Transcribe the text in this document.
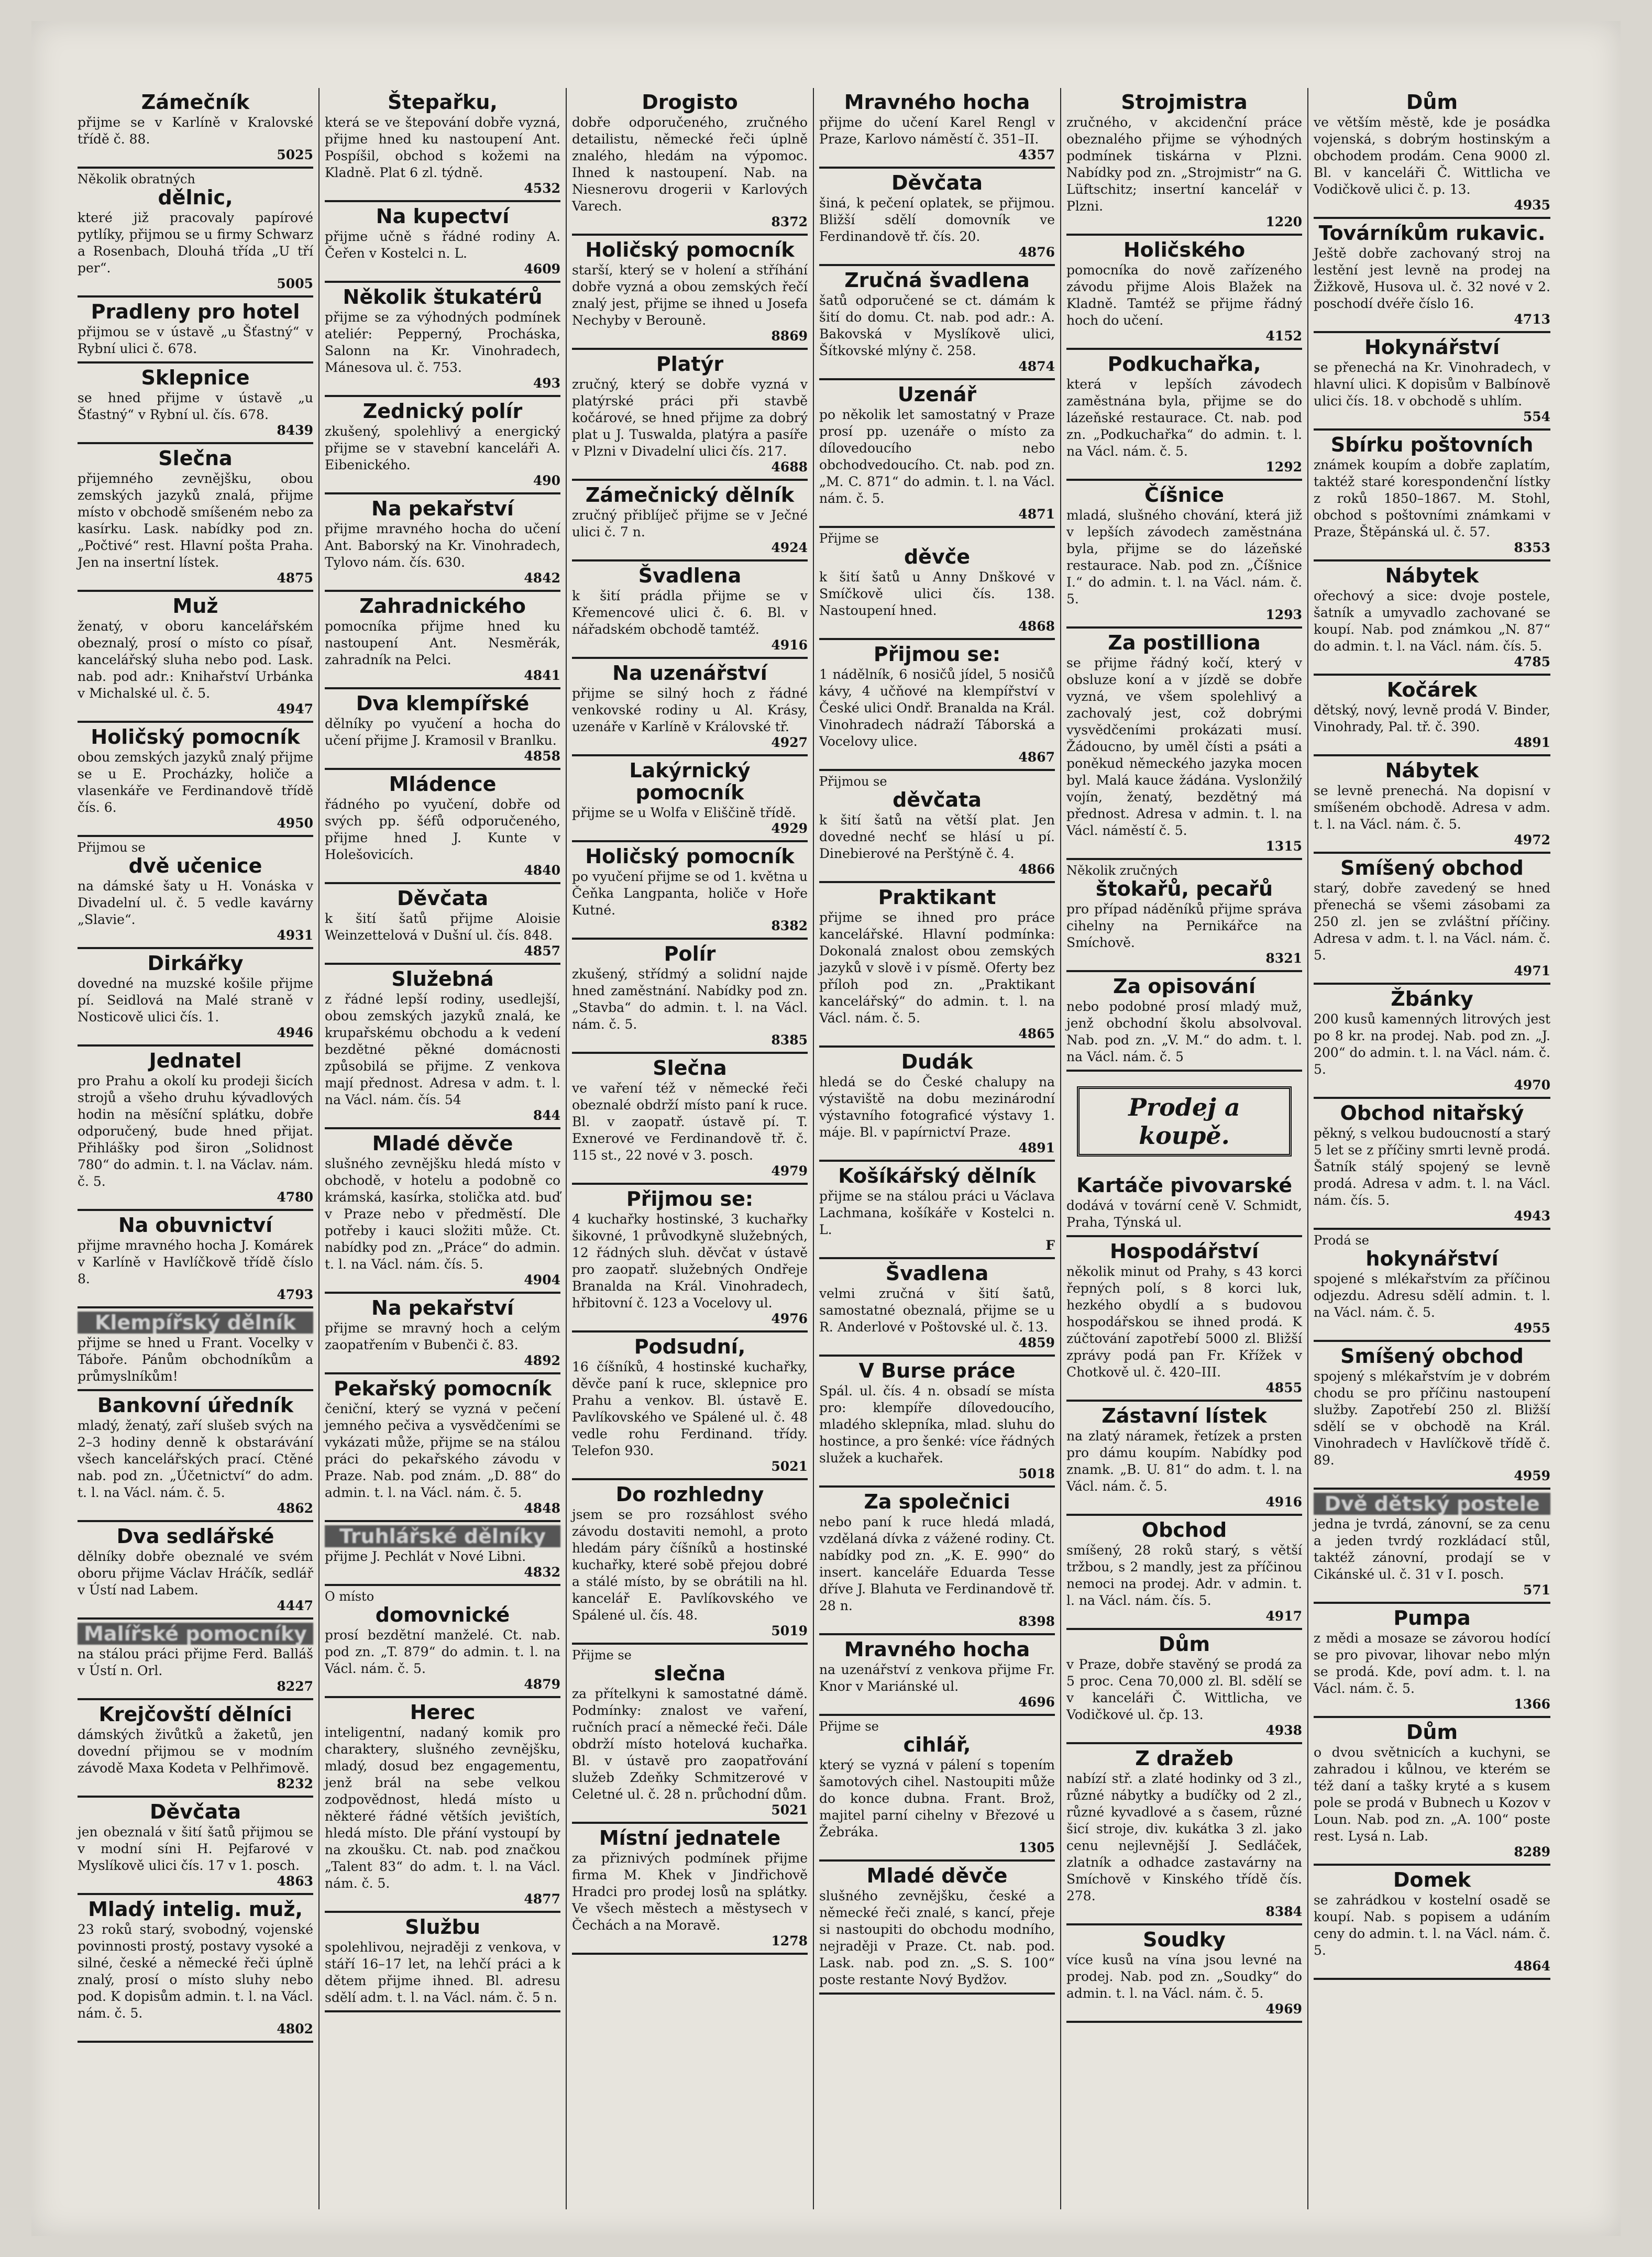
Zámečník

přijme se v Karlíně v Kralovské třídě č. 88.

5025
Několik obratných
dělnic,

které již pracovaly papírové pytlíky, přijmou se u firmy Schwarz a Rosenbach, Dlouhá třída „U tří per“.

5005
Pradleny pro hotel

přijmou se v ústavě „u Šťastný“ v Rybní ulici č. 678.

Sklepnice

se hned přijme v ústavě „u Šťastný“ v Rybní ul. čís. 678.

8439
Slečna

přijemného zevnějšku, obou zemských jazyků znalá, přijme místo v obchodě smíšeném nebo za kasírku. Lask. nabídky pod zn. „Počtivé“ rest. Hlavní pošta Praha. Jen na insertní lístek.

4875
Muž

ženatý, v oboru kancelářském obeznalý, prosí o místo co písař, kancelářský sluha nebo pod. Lask. nab. pod adr.: Knihařství Urbánka v Michalské ul. č. 5.

4947
Holičský pomocník

obou zemských jazyků znalý přijme se u E. Procházky, holiče a vlasenkáře ve Ferdinandově třídě čís. 6.

4950
Přijmou se
dvě učenice

na dámské šaty u H. Vonáska v Divadelní ul. č. 5 vedle kavárny „Slavie“.

4931
Dirkářky

dovedné na muzské košile přijme pí. Seidlová na Malé straně v Nosticově ulici čís. 1.

4946
Jednatel

pro Prahu a okolí ku prodeji šicích strojů a všeho druhu kývadlových hodin na měsíční splátku, dobře odporučený, bude hned přijat. Přihlášky pod širon „Solidnost 780“ do admin. t. l. na Václav. nám. č. 5.

4780
Na obuvnictví

přijme mravného hocha J. Komárek v Karlíně v Havlíčkově třídě číslo 8.

4793
Klempířský dělník

přijme se hned u Frant. Vocelky v Táboře. Pánům obchodníkům a průmyslníkům!

Bankovní úředník

mladý, ženatý, zaří slušeb svých na 2–3 hodiny denně k obstarávání všech kancelářských prací. Ctěné nab. pod zn. „Účetnictví“ do adm. t. l. na Václ. nám. č. 5.

4862
Dva sedlářské

dělníky dobře obeznalé ve svém oboru přijme Václav Hráčík, sedlář v Ústí nad Labem.

4447
Malířské pomocníky

na stálou práci přijme Ferd. Balláš v Ústí n. Orl.

8227
Krejčovští dělníci

dámských živůtků a žaketů, jen dovední přijmou se v modním závodě Maxa Kodeta v Pelhřimově.

8232
Děvčata

jen obeznalá v šití šatů přijmou se v modní síni H. Pejfarové v Myslíkově ulici čís. 17 v 1. posch.

4863
Mladý intelig. muž,

23 roků starý, svobodný, vojenské povinnosti prostý, postavy vysoké a silné, české a německé řeči úplně znalý, prosí o místo sluhy nebo pod. K dopisům admin. t. l. na Václ. nám. č. 5.

4802
Štepařku,

která se ve štepování dobře vyzná, přijme hned ku nastoupení Ant. Pospíšil, obchod s kožemi na Kladně. Plat 6 zl. týdně.

4532
Na kupectví

přijme učně s řádné rodiny A. Čeřen v Kostelci n. L.

4609
Několik štukatérů

přijme se za výhodných podmínek ateliér: Pepperný, Procháska, Salonn na Kr. Vinohradech, Mánesova ul. č. 753.

493
Zednický polír

zkušený, spolehlivý a energický přijme se v stavební kanceláři A. Eibenického.

490
Na pekařství

přijme mravného hocha do učení Ant. Baborský na Kr. Vinohradech, Tylovo nám. čís. 630.

4842
Zahradnického

pomocníka přijme hned ku nastoupení Ant. Nesměrák, zahradník na Pelci.

4841
Dva klempířské

dělníky po vyučení a hocha do učení přijme J. Kramosil v Branlku.

4858
Mládence

řádného po vyučení, dobře od svých pp. šéfů odporučeného, přijme hned J. Kunte v Holešovicích.

4840
Děvčata

k šití šatů přijme Aloisie Weinzettelová v Dušní ul. čís. 848.

4857
Služebná

z řádné lepší rodiny, usedlejší, obou zemských jazyků znalá, ke krupařskému obchodu a k vedení bezdětné pěkné domácnosti způsobilá se přijme. Z venkova mají přednost. Adresa v adm. t. l. na Václ. nám. čís. 54

844
Mladé děvče

slušného zevnějšku hledá místo v obchodě, v hotelu a podobně co krámská, kasírka, stolička atd. buď v Praze nebo v předměstí. Dle potřeby i kauci složiti může. Ct. nabídky pod zn. „Práce“ do admin. t. l. na Václ. nám. čís. 5.

4904
Na pekařství

přijme se mravný hoch a celým zaopatřením v Bubenči č. 83.

4892
Pekařský pomocník

čeniční, který se vyzná v pečení jemného pečiva a vysvědčeními se vykázati může, přijme se na stálou práci do pekařského závodu v Praze. Nab. pod znám. „D. 88“ do admin. t. l. na Václ. nám. č. 5.

4848
Truhlářské dělníky

přijme J. Pechlát v Nové Libni.

4832
O místo
domovnické

prosí bezdětní manželé. Ct. nab. pod zn. „T. 879“ do admin. t. l. na Václ. nám. č. 5.

4879
Herec

inteligentní, nadaný komik pro charaktery, slušného zevnějšku, mladý, dosud bez engagementu, jenž brál na sebe velkou zodpovědnost, hledá místo u některé řádné větších jevištích, hledá místo. Dle přání vystoupí by na zkoušku. Ct. nab. pod značkou „Talent 83“ do adm. t. l. na Václ. nám. č. 5.

4877
Službu

spolehlivou, nejraději z venkova, v stáří 16–17 let, na lehčí práci a k dětem přijme ihned. Bl. adresu sdělí adm. t. l. na Václ. nám. č. 5 n.

Drogisto

dobře odporučeného, zručného detailistu, německé řeči úplně znalého, hledám na výpomoc. Ihned k nastoupení. Nab. na Niesnerovu drogerii v Karlových Varech.

8372
Holičský pomocník

starší, který se v holení a stříhání dobře vyzná a obou zemských řečí znalý jest, přijme se ihned u Josefa Nechyby v Berouně.

8869
Platýr

zručný, který se dobře vyzná v platýrské práci při stavbě kočárové, se hned přijme za dobrý plat u J. Tuswalda, platýra a pasíře v Plzni v Divadelní ulici čís. 217.

4688
Zámečnický dělník

zručný přiblíječ přijme se v Ječné ulici č. 7 n.

4924
Švadlena

k šití prádla přijme se v Křemencové ulici č. 6. Bl. v nářadském obchodě tamtéž.

4916
Na uzenářství

přijme se silný hoch z řádné venkovské rodiny u Al. Krásy, uzenáře v Karlíně v Královské tř.

4927
Lakýrnický pomocník

přijme se u Wolfa v Eliščině třídě.

4929
Holičský pomocník

po vyučení přijme se od 1. května u Čeňka Langpanta, holiče v Hoře Kutné.

8382
Polír

zkušený, střídmý a solidní najde hned zaměstnání. Nabídky pod zn. „Stavba“ do admin. t. l. na Václ. nám. č. 5.

8385
Slečna

ve vaření též v německé řeči obeznalé obdrží místo paní k ruce. Bl. v zaopatř. ústavě pí. T. Exnerové ve Ferdinandově tř. č. 115 st., 22 nové v 3. posch.

4979
Přijmou se:

4 kuchařky hostinské, 3 kuchařky šikovné, 1 průvodkyně služebných, 12 řádných sluh. děvčat v ústavě pro zaopatř. služebných Ondřeje Branalda na Král. Vinohradech, hřbitovní č. 123 a Vocelovy ul.

4976
Podsudní,

16 číšníků, 4 hostinské kuchařky, děvče paní k ruce, sklepnice pro Prahu a venkov. Bl. ústavě E. Pavlíkovského ve Spálené ul. č. 48 vedle rohu Ferdinand. třídy. Telefon 930.

5021
Do rozhledny

jsem se pro rozsáhlost svého závodu dostaviti nemohl, a proto hledám páry číšníků a hostinské kuchařky, které sobě přejou dobré a stálé místo, by se obrátili na hl. kancelář E. Pavlíkovského ve Spálené ul. čís. 48.

5019
Přijme se
slečna

za přítelkyni k samostatné dámě. Podmínky: znalost ve vaření, ručních prací a německé řeči. Dále obdrží místo hotelová kuchařka. Bl. v ústavě pro zaopatřování služeb Zdeňky Schmitzerové v Celetné ul. č. 28 n. průchodní dům.

5021
Místní jednatele

za přiznivých podmínek přijme firma M. Khek v Jindřichově Hradci pro prodej losů na splátky. Ve všech městech a městysech v Čechách a na Moravě.

1278
Mravného hocha

přijme do učení Karel Rengl v Praze, Karlovo náměstí č. 351–II.

4357
Děvčata

šiná, k pečení oplatek, se přijmou. Bližší sdělí domovník ve Ferdinandově tř. čís. 20.

4876
Zručná švadlena

šatů odporučené se ct. dámám k šití do domu. Ct. nab. pod adr.: A. Bakovská v Myslíkově ulici, Šítkovské mlýny č. 258.

4874
Uzenář

po několik let samostatný v Praze prosí pp. uzenáře o místo za dílovedoucího nebo obchodvedoucího. Ct. nab. pod zn. „M. C. 871“ do admin. t. l. na Václ. nám. č. 5.

4871
Přijme se
děvče

k šití šatů u Anny Dnškové v Smíčkově ulici čís. 138. Nastoupení hned.

4868
Přijmou se:

1 nádělník, 6 nosičů jídel, 5 nosičů kávy, 4 učňové na klempířství v České ulici Ondř. Branalda na Král. Vinohradech nádraží Táborská a Vocelovy ulice.

4867
Přijmou se
děvčata

k šití šatů na větší plat. Jen dovedné nechť se hlásí u pí. Dinebierové na Perštýně č. 4.

4866
Praktikant

přijme se ihned pro práce kancelářské. Hlavní podmínka: Dokonalá znalost obou zemských jazyků v slově i v písmě. Oferty bez příloh pod zn. „Praktikant kancelářský“ do admin. t. l. na Václ. nám. č. 5.

4865
Dudák

hledá se do České chalupy na výstaviště na dobu mezinárodní výstavního fotograficé výstavy 1. máje. Bl. v papírnictví Praze.

4891
Košíkářský dělník

přijme se na stálou práci u Václava Lachmana, košíkáře v Kostelci n. L.

F
Švadlena

velmi zručná v šití šatů, samostatné obeznalá, přijme se u R. Anderlové v Poštovské ul. č. 13.

4859
V Burse práce

Spál. ul. čís. 4 n. obsadí se místa pro: klempíře dílovedoucího, mladého sklepníka, mlad. sluhu do hostince, a pro šenké: více řádných služek a kuchařek.

5018
Za společnici

nebo paní k ruce hledá mladá, vzdělaná dívka z vážené rodiny. Ct. nabídky pod zn. „K. E. 990“ do insert. kanceláře Eduarda Tesse dříve J. Blahuta ve Ferdinandově tř. 28 n.

8398
Mravného hocha

na uzenářství z venkova přijme Fr. Knor v Mariánské ul.

4696
Přijme se
cihlář,

který se vyzná v pálení s topením šamotových cihel. Nastoupiti může do konce dubna. Frant. Brož, majitel parní cihelny v Březové u Žebráka.

1305
Mladé děvče

slušného zevnějšku, české a německé řeči znalé, s kancí, přeje si nastoupiti do obchodu modního, nejraději v Praze. Ct. nab. pod. Lask. nab. pod zn. „S. S. 100“ poste restante Nový Bydžov.

Strojmistra

zručného, v akcidenční práce obeznalého přijme se výhodných podmínek tiskárna v Plzni. Nabídky pod zn. „Strojmistr“ na G. Lüftschitz; insertní kancelář v Plzni.

1220
Holičského

pomocníka do nově zařízeného závodu přijme Alois Blažek na Kladně. Tamtéž se přijme řádný hoch do učení.

4152
Podkuchařka,

která v lepších závodech zaměstnána byla, přijme se do lázeňské restaurace. Ct. nab. pod zn. „Podkuchařka“ do admin. t. l. na Václ. nám. č. 5.

1292
Číšnice

mladá, slušného chování, která již v lepších závodech zaměstnána byla, přijme se do lázeňské restaurace. Nab. pod zn. „Číšnice I.“ do admin. t. l. na Václ. nám. č. 5.

1293
Za postilliona

se přijme řádný kočí, který v obsluze koní a v jízdě se dobře vyzná, ve všem spolehlivý a zachovalý jest, což dobrými vysvědčeními prokázati musí. Žádoucno, by uměl čísti a psáti a poněkud německého jazyka mocen byl. Malá kauce žádána. Vyslonžilý vojín, ženatý, bezdětný má přednost. Adresa v admin. t. l. na Václ. náměstí č. 5.

1315
Několik zručných
štokařů, pecařů

pro případ náděníků přijme správa cihelny na Pernikářce na Smíchově.

8321
Za opisování

nebo podobné prosí mladý muž, jenž obchodní školu absolvoval. Nab. pod zn. „V. M.“ do adm. t. l. na Václ. nám. č. 5

Prodej a koupě.
Kartáče pivovarské

dodává v tovární ceně V. Schmidt, Praha, Týnská ul.

Hospodářství

několik minut od Prahy, s 43 korci řepných polí, s 8 korci luk, hezkého obydlí a s budovou hospodářskou se ihned prodá. K zúčtování zapotřebí 5000 zl. Bližší zprávy podá pan Fr. Křížek v Chotkově ul. č. 420–III.

4855
Zástavní lístek

na zlatý náramek, řetízek a prsten pro dámu koupím. Nabídky pod znamk. „B. U. 81“ do adm. t. l. na Václ. nám. č. 5.

4916
Obchod

smíšený, 28 roků starý, s větší tržbou, s 2 mandly, jest za příčinou nemoci na prodej. Adr. v admin. t. l. na Václ. nám. čís. 5.

4917
Dům

v Praze, dobře stavěný se prodá za 5 proc. Cena 70,000 zl. Bl. sdělí se v kanceláři Č. Wittlicha, ve Vodičkové ul. čp. 13.

4938
Z dražeb

nabízí stř. a zlaté hodinky od 3 zl., různé nábytky a budíčky od 2 zl., různé kyvadlové a s časem, různé šicí stroje, div. kukátka 3 zl. jako cenu nejlevnější J. Sedláček, zlatník a odhadce zastavárny na Smíchově v Kinského třídě čís. 278.

8384
Soudky

více kusů na vína jsou levné na prodej. Nab. pod zn. „Soudky“ do admin. t. l. na Václ. nám. č. 5.

4969
Dům

ve větším městě, kde je posádka vojenská, s dobrým hostinským a obchodem prodám. Cena 9000 zl. Bl. v kanceláři Č. Wittlicha ve Vodičkově ulici č. p. 13.

4935
Továrníkům rukavic.

Ještě dobře zachovaný stroj na lestění jest levně na prodej na Žižkově, Husova ul. č. 32 nové v 2. poschodí dvéře číslo 16.

4713
Hokynářství

se přenechá na Kr. Vinohradech, v hlavní ulici. K dopisům v Balbínově ulici čís. 18. v obchodě s uhlím.

554
Sbírku poštovních

známek koupím a dobře zaplatím, taktéž staré korespondenční lístky z roků 1850–1867. M. Stohl, obchod s poštovními známkami v Praze, Štěpánská ul. č. 57.

8353
Nábytek

ořechový a sice: dvoje postele, šatník a umyvadlo zachované se koupí. Nab. pod známkou „N. 87“ do admin. t. l. na Václ. nám. čís. 5.

4785
Kočárek

dětský, nový, levně prodá V. Binder, Vinohrady, Pal. tř. č. 390.

4891
Nábytek

se levně prenechá. Na dopisní v smíšeném obchodě. Adresa v adm. t. l. na Václ. nám. č. 5.

4972
Smíšený obchod

starý, dobře zavedený se hned přenechá se všemi zásobami za 250 zl. jen se zvláštní příčiny. Adresa v adm. t. l. na Václ. nám. č. 5.

4971
Žbánky

200 kusů kamenných litrových jest po 8 kr. na prodej. Nab. pod zn. „J. 200“ do admin. t. l. na Václ. nám. č. 5.

4970
Obchod nitařský

pěkný, s velkou budoucností a starý 5 let se z příčiny smrti levně prodá. Šatník stálý spojený se levně prodá. Adresa v adm. t. l. na Václ. nám. čís. 5.

4943
Prodá se
hokynářství

spojené s mlékařstvím za příčinou odjezdu. Adresu sdělí admin. t. l. na Václ. nám. č. 5.

4955
Smíšený obchod

spojený s mlékařstvím je v dobrém chodu se pro příčinu nastoupení služby. Zapotřebí 250 zl. Bližší sdělí se v obchodě na Král. Vinohradech v Havlíčkově třídě č. 89.

4959
Dvě dětský postele

jedna je tvrdá, zánovní, se za cenu a jeden tvrdý rozkládací stůl, taktéž zánovní, prodají se v Cikánské ul. č. 31 v I. posch.

571
Pumpa

z mědi a mosaze se závorou hodící se pro pivovar, lihovar nebo mlýn se prodá. Kde, poví adm. t. l. na Václ. nám. č. 5.

1366
Dům

o dvou světnicích a kuchyni, se zahradou i kůlnou, ve kterém se též daní a tašky kryté a s kusem pole se prodá v Bubnech u Kozov v Loun. Nab. pod zn. „A. 100“ poste rest. Lysá n. Lab.

8289
Domek

se zahrádkou v kostelní osadě se koupí. Nab. s popisem a udáním ceny do admin. t. l. na Václ. nám. č. 5.

4864
